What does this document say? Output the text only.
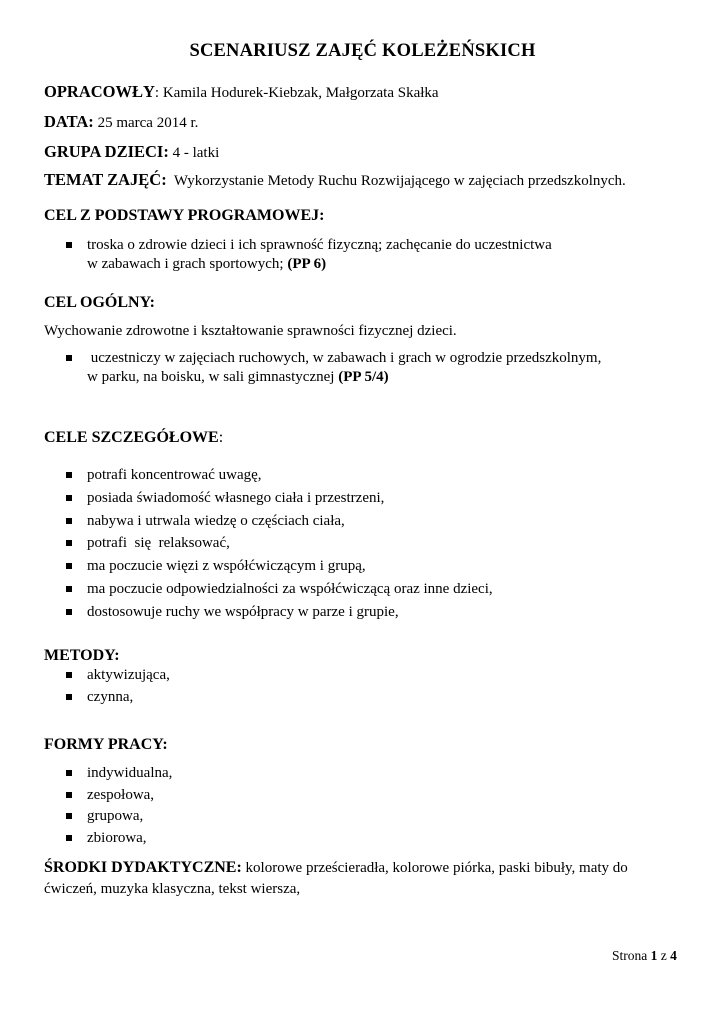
SCENARIUSZ ZAJĘĆ KOLEŻEŃSKICH
OPRACOWŁY: Kamila Hodurek-Kiebzak, Małgorzata Skałka
DATA: 25 marca 2014 r.
GRUPA DZIECI: 4 - latki
TEMAT ZAJĘĆ:  Wykorzystanie Metody Ruchu Rozwijającego w zajęciach przedszkolnych.
CEL Z PODSTAWY PROGRAMOWEJ:
troska o zdrowie dzieci i ich sprawność fizyczną; zachęcanie do uczestnictwa
w zabawach i grach sportowych; (PP 6)
CEL OGÓLNY:
Wychowanie zdrowotne i kształtowanie sprawności fizycznej dzieci.
uczestniczy w zajęciach ruchowych, w zabawach i grach w ogrodzie przedszkolnym,
w parku, na boisku, w sali gimnastycznej (PP 5/4)
CELE SZCZEGÓŁOWE:
potrafi koncentrować uwagę,
posiada świadomość własnego ciała i przestrzeni,
nabywa i utrwala wiedzę o częściach ciała,
potrafi  się  relaksować,
ma poczucie więzi z współćwiczącym i grupą,
ma poczucie odpowiedzialności za współćwiczącą oraz inne dzieci,
dostosowuje ruchy we współpracy w parze i grupie,
METODY:
aktywizująca,
czynna,
FORMY PRACY:
indywidualna,
zespołowa,
grupowa,
zbiorowa,
ŚRODKI DYDAKTYCZNE: kolorowe prześcieradła, kolorowe piórka, paski bibuły, maty do
ćwiczeń, muzyka klasyczna, tekst wiersza,
Strona 1 z 4
